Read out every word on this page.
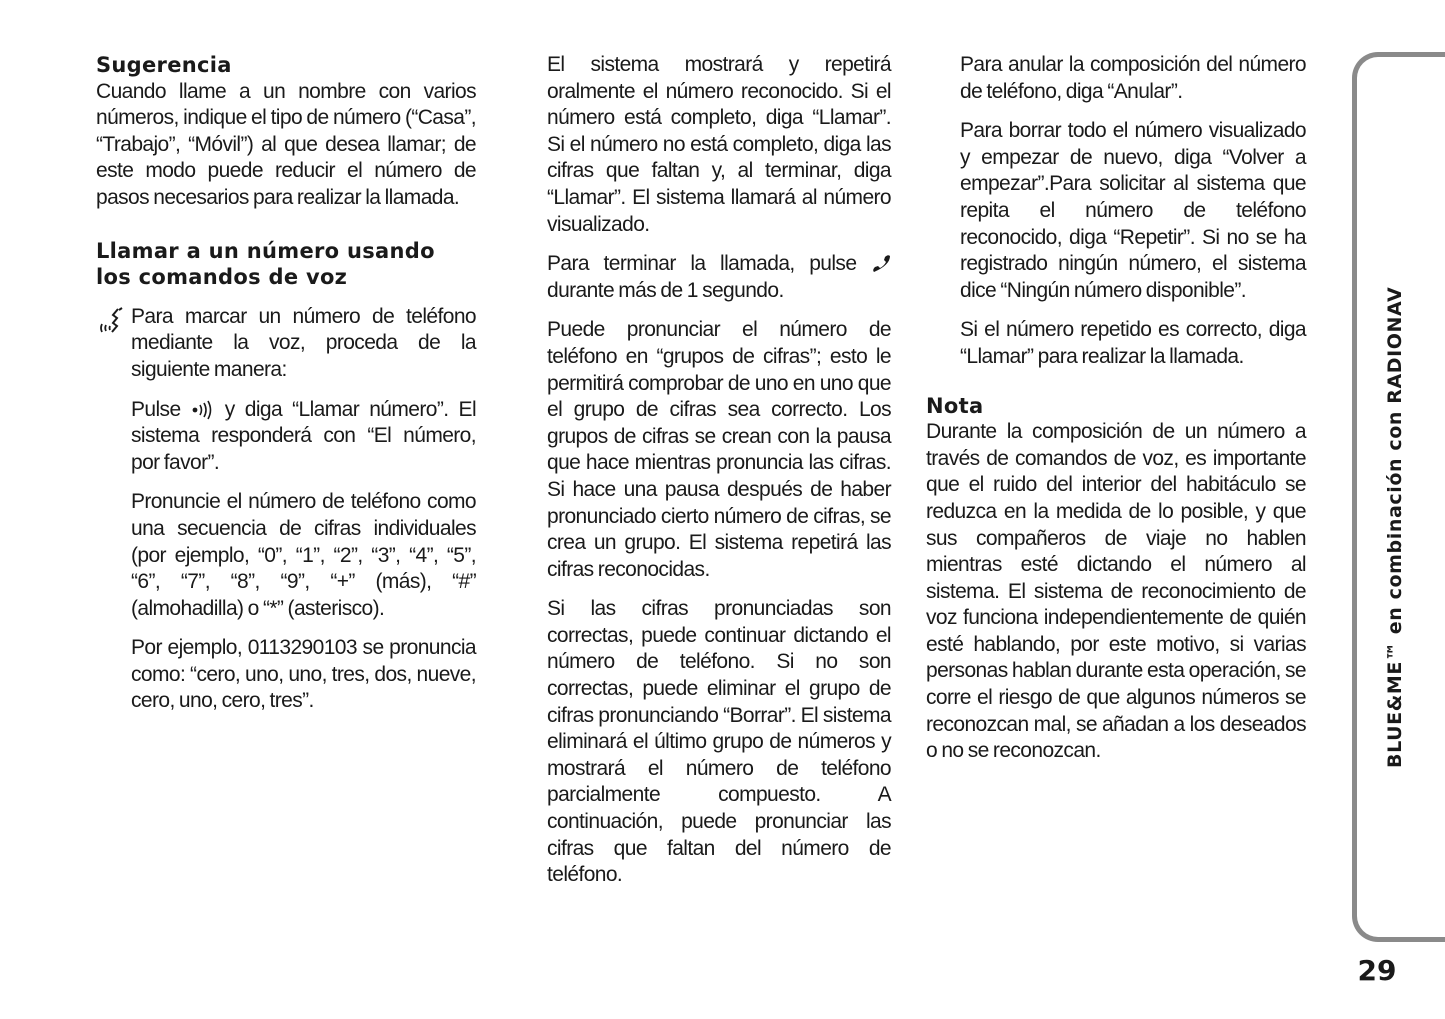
Sugerencia

Cuando llame a un nombre con varios números, indique el tipo de número (“Casa”, “Trabajo”, “Móvil”) al que desea llamar; de este modo puede reducir el número de pasos necesarios para realizar la llamada.

Llamar a un número usando los comandos de voz

Para marcar un número de teléfono mediante la voz, proceda de la siguiente manera:

Pulse  y diga “Llamar número”. El sistema responderá con “El número, por favor”.

Pronuncie el número de teléfono como una secuencia de cifras individuales (por ejemplo, “0”, “1”, “2”, “3”, “4”, “5”, “6”, “7”, “8”, “9”, “+” (más), “#” (almohadilla) o “*” (asterisco).

Por ejemplo, 0113290103 se pronuncia como: “cero, uno, uno, tres, dos, nueve, cero, uno, cero, tres”.

El sistema mostrará y repetirá oralmente el número reconocido. Si el número está completo, diga “Llamar”. Si el número no está completo, diga las cifras que faltan y, al terminar, diga “Llamar”. El sistema llamará al número visualizado.

Para terminar la llamada, pulse  durante más de 1 segundo.

Puede pronunciar el número de teléfono en “grupos de cifras”; esto le permitirá comprobar de uno en uno que el grupo de cifras sea correcto. Los grupos de cifras se crean con la pausa que hace mientras pronuncia las cifras. Si hace una pausa después de haber pronunciado cierto número de cifras, se crea un grupo. El sistema repetirá las cifras reconocidas.

Si las cifras pronunciadas son correctas, puede continuar dictando el número de teléfono. Si no son correctas, puede eliminar el grupo de cifras pronunciando “Borrar”. El sistema eliminará el último grupo de números y mostrará el número de teléfono parcialmente compuesto. A continuación, puede pronunciar las cifras que faltan del número de teléfono.

Para anular la composición del número de teléfono, diga “Anular”.

Para borrar todo el número visualizado y empezar de nuevo, diga “Volver a empezar”.Para solicitar al sistema que repita el número de teléfono reconocido, diga “Repetir”. Si no se ha registrado ningún número, el sistema dice “Ningún número disponible”.

Si el número repetido es correcto, diga “Llamar” para realizar la llamada.

Nota

Durante la composición de un número a través de comandos de voz, es importante que el ruido del interior del habitáculo se reduzca en la medida de lo posible, y que sus compañeros de viaje no hablen mientras esté dictando el número al sistema. El sistema de reconocimiento de voz funciona independientemente de quién esté hablando, por este motivo, si varias personas hablan durante esta operación, se corre el riesgo de que algunos números se reconozcan mal, se añadan a los deseados o no se reconozcan.	BLUE&ME™ en combinación con RADIONAV
29
